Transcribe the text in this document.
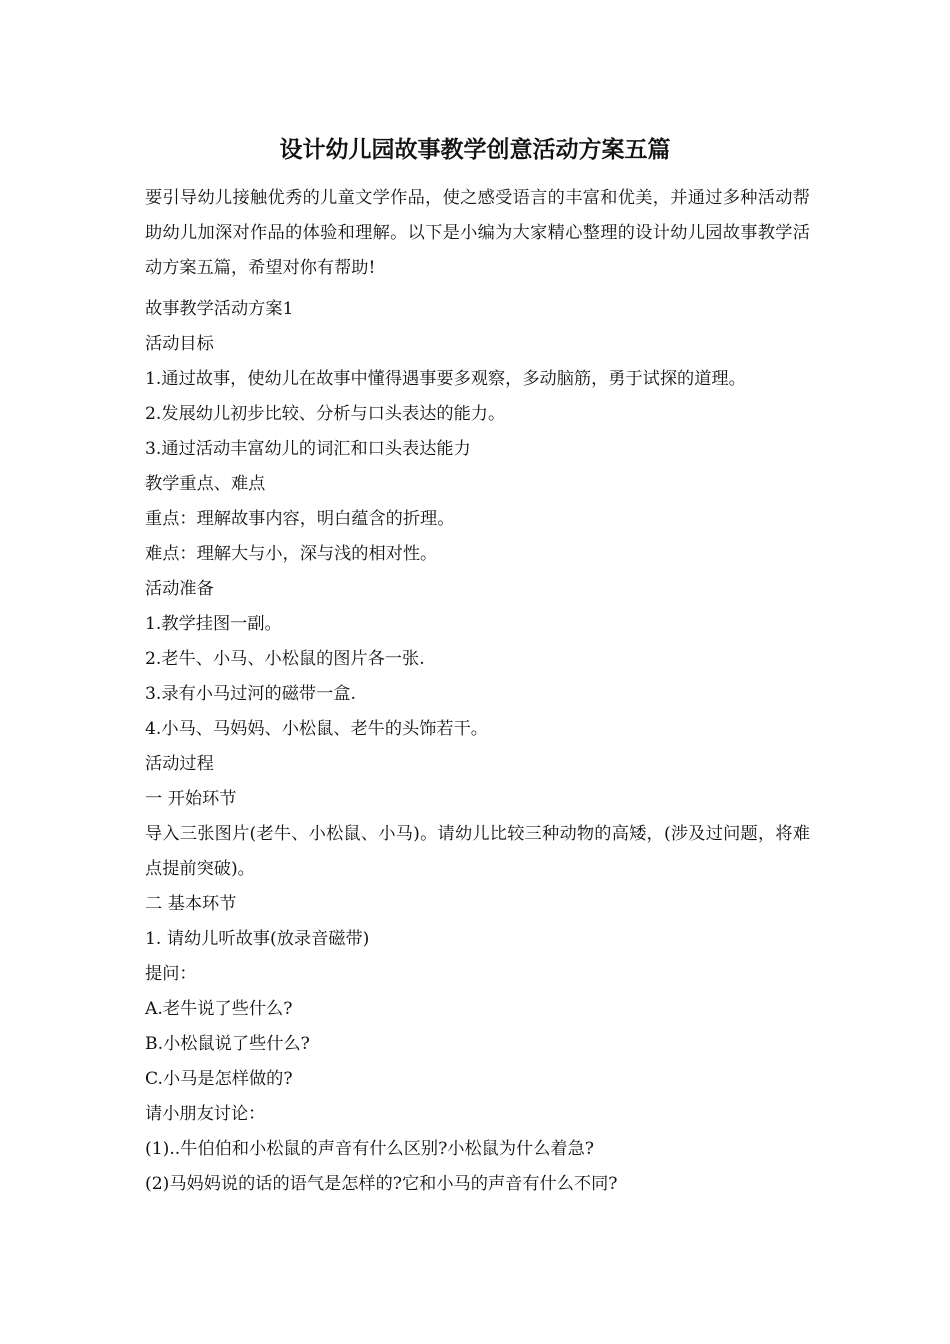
设计幼儿园故事教学创意活动方案五篇

要引导幼儿接触优秀的儿童文学作品，使之感受语言的丰富和优美，并通过多种活动帮助幼儿加深对作品的体验和理解。以下是小编为大家精心整理的设计幼儿园故事教学活动方案五篇，希望对你有帮助!

故事教学活动方案1
活动目标
1.通过故事，使幼儿在故事中懂得遇事要多观察，多动脑筋，勇于试探的道理。
2.发展幼儿初步比较、分析与口头表达的能力。
3.通过活动丰富幼儿的词汇和口头表达能力
教学重点、难点
重点：理解故事内容，明白蕴含的折理。
难点：理解大与小，深与浅的相对性。
活动准备
1.教学挂图一副。
2.老牛、小马、小松鼠的图片各一张.
3.录有小马过河的磁带一盒.
4.小马、马妈妈、小松鼠、老牛的头饰若干。
活动过程
一 开始环节
导入三张图片(老牛、小松鼠、小马)。请幼儿比较三种动物的高矮，(涉及过问题，将难点提前突破)。
二 基本环节
1. 请幼儿听故事(放录音磁带)
提问：
A.老牛说了些什么?
B.小松鼠说了些什么?
C.小马是怎样做的?
请小朋友讨论：
(1)..牛伯伯和小松鼠的声音有什么区别?小松鼠为什么着急?
(2)马妈妈说的话的语气是怎样的?它和小马的声音有什么不同?
